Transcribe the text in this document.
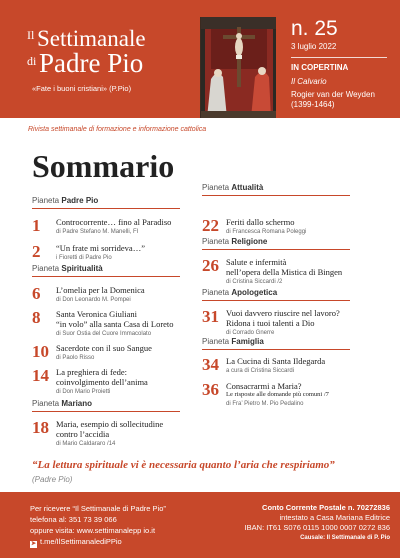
Il Settimanale
di Padre Pio
«Fate i buoni cristiani» (P.Pio)
n. 25
3 luglio 2022
IN COPERTINA
Il Calvario
Rogier van der Weyden
(1399-1464)
Rivista settimanale di formazione e informazione cattolica
Sommario
Pianeta Padre Pio
1 Controcorrente… fino al Paradiso
di Padre Stefano M. Manelli, FI
2 “Un frate mi sorrideva…”
i Fioretti di Padre Pio
Pianeta Spiritualità
6 L’omelia per la Domenica
di Don Leonardo M. Pompei
8 Santa Veronica Giuliani
“in volo” alla santa Casa di Loreto
di Suor Ostia del Cuore Immacolato
10 Sacerdote con il suo Sangue
di Paolo Risso
14 La preghiera di fede:
coinvolgimento dell’anima
di Don Mario Proietti
Pianeta Mariano
18 Maria, esempio di sollecitudine
contro l’accidia
di Mario Caldararo /14
Pianeta Attualità
22 Feriti dallo schermo
di Francesca Romana Poleggi
Pianeta Religione
26 Salute e infermità
nell’opera della Mistica di Bingen
di Cristina Siccardi /2
Pianeta Apologetica
31 Vuoi davvero riuscire nel lavoro?
Ridona i tuoi talenti a Dio
di Corrado Gnerre
Pianeta Famiglia
34 La Cucina di Santa Ildegarda
a cura di Cristina Siccardi
36 Consacrarmi a Maria?
Le risposte alle domande più comuni /7
di Fra’ Pietro M. Pio Pedalino
“La lettura spirituale vi è necessaria quanto l’aria che respiriamo”
(Padre Pio)
Per ricevere “Il Settimanale di Padre Pio”
telefona al: 351 73 39 066
oppure visita: www.settimanalepp io.it
➤ t.me/IlSettimanalediPPio
Conto Corrente Postale n. 70272836
intestato a Casa Mariana Editrice
IBAN: IT61 S076 0115 1000 0007 0272 836
Causale: Il Settimanale di P. Pio
